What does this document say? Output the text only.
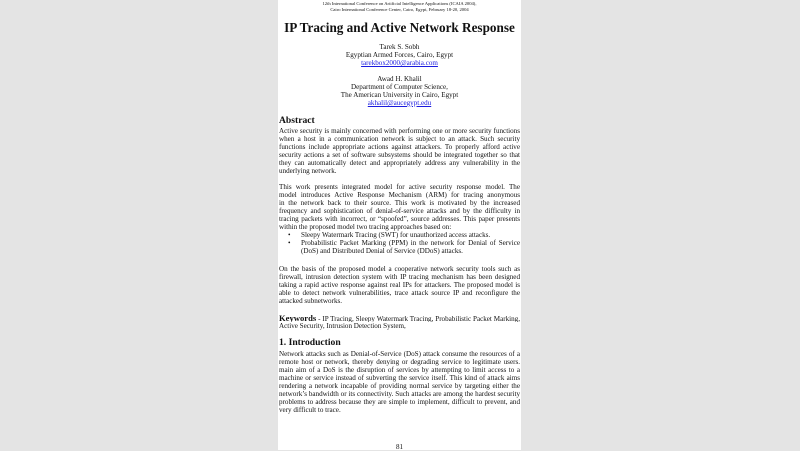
12th International Conference on Artificial Intelligence Applications (ICAIA 2004),
Cairo International Conference Center, Cairo, Egypt, February 18-20, 2004
IP Tracing and Active Network Response
Tarek S. Sobh
Egyptian Armed Forces, Cairo, Egypt
tarekbox2000@arabia.com
Awad H. Khalil
Department of Computer Science,
The American University in Cairo, Egypt
akhalil@aucegypt.edu
Abstract
Active security is mainly concerned with performing one or more security functions
when a host in a communication network is subject to an attack. Such security
functions include appropriate actions against attackers. To properly afford active
security actions a set of software subsystems should be integrated together so that
they can automatically detect and appropriately address any vulnerability in the
underlying network.
This work presents integrated model for active security response model. The
model introduces Active Response Mechanism (ARM) for tracing anonymous
in the network back to their source. This work is motivated by the increased
frequency and sophistication of denial-of-service attacks and by the difficulty in
tracing packets with incorrect, or “spoofed”, source addresses. This paper presents
within the proposed model two tracing approaches based on:
• Sleepy Watermark Tracing (SWT) for unauthorized access attacks.
• Probabilistic Packet Marking (PPM) in the network for Denial of Service
(DoS) and Distributed Denial of Service (DDoS) attacks.
On the basis of the proposed model a cooperative network security tools such as
firewall, intrusion detection system with IP tracing mechanism has been designed
taking a rapid active response against real IPs for attackers. The proposed model is
able to detect network vulnerabilities, trace attack source IP and reconfigure the
attacked subnetworks.
Keywords - IP Tracing, Sleepy Watermark Tracing, Probabilistic Packet Marking,
Active Security, Intrusion Detection System,
1. Introduction
Network attacks such as Denial-of-Service (DoS) attack consume the resources of a
remote host or network, thereby denying or degrading service to legitimate users.
main aim of a DoS is the disruption of services by attempting to limit access to a
machine or service instead of subverting the service itself. This kind of attack aims
rendering a network incapable of providing normal service by targeting either the
network’s bandwidth or its connectivity. Such attacks are among the hardest security
problems to address because they are simple to implement, difficult to prevent, and
very difficult to trace.
81
